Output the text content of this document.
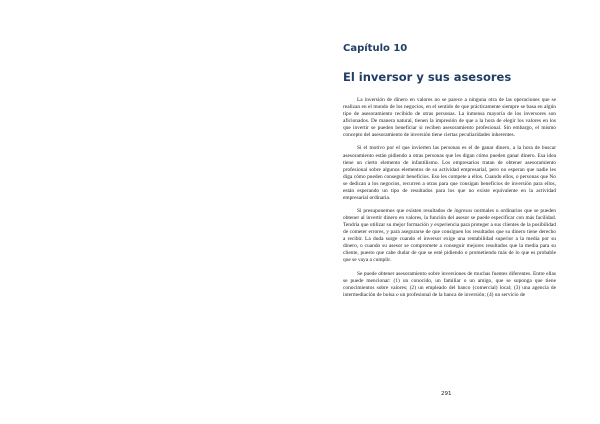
Capítulo 10
El inversor y sus asesores

La inversión de dinero en valores no se parece a ninguna otra de las operaciones que se realizan en el mundo de los negocios, en el sentido de que prácticamente siempre se basa en algún tipo de asesoramiento recibido de otras personas. La inmensa mayoría de los inversores son aficionados. De manera natural, tienen la impresión de que a la hora de elegir los valores en los que invertir se pueden beneficiar si reciben asesoramiento profesional. Sin embargo, el mismo concepto del asesoramiento de inversión tiene ciertas peculiaridades inherentes.

Si el motivo por el que invierten las personas es el de ganar dinero, a la hora de buscar asesoramiento están pidiendo a otras personas que les digan cómo pueden ganar dinero. Esa idea tiene un cierto elemento de infantilismo. Los empresarios tratan de obtener asesoramiento profesional sobre algunos elementos de su actividad empresarial, pero no esperan que nadie les diga cómo pueden conseguir beneficios. Eso les compete a ellos. Cuando ellos, o personas que No se dedican a los negocios, recurren a otras para que consigan beneficios de inversión para ellos, están esperando un tipo de resultados para los que no existe equivalente en la actividad empresarial ordinaria.

Si presuponemos que existen resultados de ingresos normales u ordinarios que se pueden obtener al invertir dinero en valores, la función del asesor se puede especificar con más facilidad. Tendría que utilizar su mejor formación y experiencia para proteger a sus clientes de la posibilidad de cometer errores, y para asegurarse de que consiguen los resultados que su dinero tiene derecho a recibir. La duda surge cuando el inversor exige una rentabilidad superior a la media por su dinero, o cuando su asesor se compromete a conseguir mejores resultados que la media para su cliente, puesto que cabe dudar de que se esté pidiendo o prometiendo más de lo que es probable que se vaya a cumplir.

Se puede obtener asesoramiento sobre inversiones de muchas fuentes diferentes. Entre ellas se puede mencionar: (1) un conocido, un familiar o un amigo, que se suponga que tiene conocimientos sobre valores; (2) un empleado del banco (comercial) local; (3) una agencia de intermediación de bolsa o un profesional de la banca de inversión; (4) un servicio de

291
